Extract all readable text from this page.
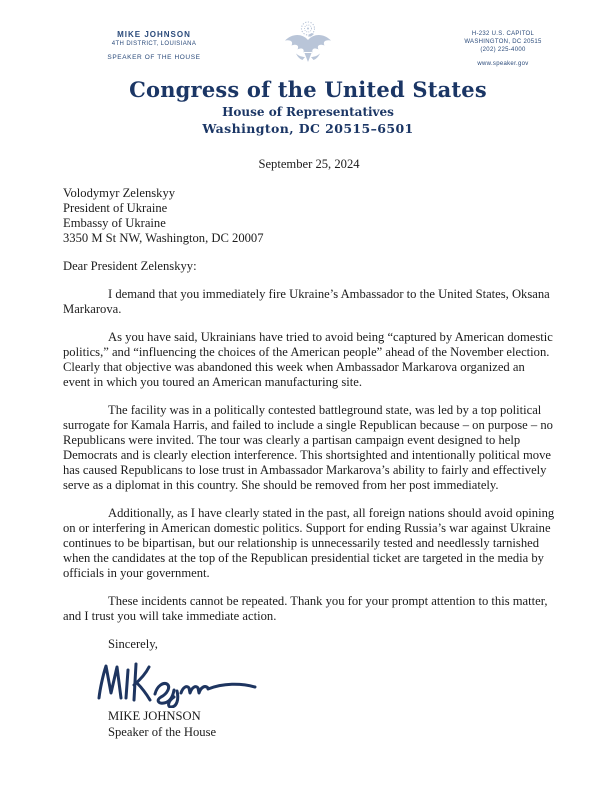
MIKE JOHNSON
4TH DISTRICT, LOUISIANA
SPEAKER OF THE HOUSE
H-232 U.S. CAPITOL
WASHINGTON, DC 20515
(202) 225-4000
www.speaker.gov
Congress of the United States
House of Representatives
Washington, DC 20515–6501
September 25, 2024
Volodymyr Zelenskyy
President of Ukraine
Embassy of Ukraine
3350 M St NW, Washington, DC 20007
Dear President Zelenskyy:

I demand that you immediately fire Ukraine’s Ambassador to the United States, Oksana Markarova.

As you have said, Ukrainians have tried to avoid being “captured by American domestic politics,” and “influencing the choices of the American people” ahead of the November election. Clearly that objective was abandoned this week when Ambassador Markarova organized an event in which you toured an American manufacturing site.

The facility was in a politically contested battleground state, was led by a top political surrogate for Kamala Harris, and failed to include a single Republican because – on purpose – no Republicans were invited. The tour was clearly a partisan campaign event designed to help Democrats and is clearly election interference. This shortsighted and intentionally political move has caused Republicans to lose trust in Ambassador Markarova’s ability to fairly and effectively serve as a diplomat in this country. She should be removed from her post immediately.

Additionally, as I have clearly stated in the past, all foreign nations should avoid opining on or interfering in American domestic politics. Support for ending Russia’s war against Ukraine continues to be bipartisan, but our relationship is unnecessarily tested and needlessly tarnished when the candidates at the top of the Republican presidential ticket are targeted in the media by officials in your government.

These incidents cannot be repeated. Thank you for your prompt attention to this matter, and I trust you will take immediate action.

Sincerely,
MIKE JOHNSON
Speaker of the House
